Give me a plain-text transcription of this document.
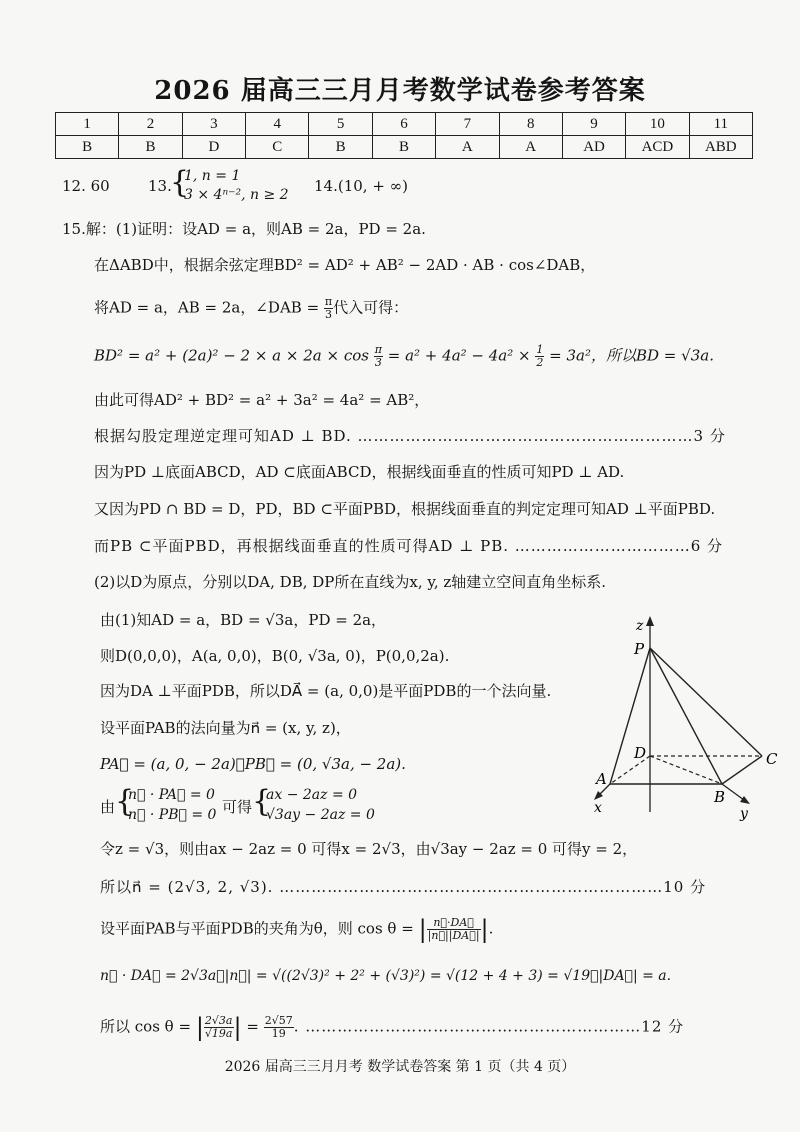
2026 届高三三月月考数学试卷参考答案
1	2	3	4	5	6	7	8	9	10	11
B	B	D	C	B	B	A	A	AD	ACD	ABD
12. 60	13.
{
1, n = 1
3 × 4ⁿ⁻², n ≥ 2 14.(10, + ∞)
15.解：(1)证明：设AD = a，则AB = 2a，PD = 2a.
在ΔABD中，根据余弦定理BD² = AD² + AB² − 2AD · AB · cos∠DAB，
将AD = a，AB = 2a，∠DAB = $\frac{\pi}{3}$ 代入可得：
$BD^2 = a^2 + (2a)^2 - 2 \times a \times 2a \times \cos \frac{\pi}{3} = a^2 + 4a^2 - 4a^2 \times \frac{1}{2} = 3a^2$，所以BD = √3a.
由此可得AD² + BD² = a² + 3a² = 4a² = AB²，
根据勾股定理逆定理可知AD ⊥ BD. ………………………………………………………3 分
因为PD ⊥底面ABCD，AD ⊂底面ABCD，根据线面垂直的性质可知PD ⊥ AD.
又因为PD ∩ BD = D，PD，BD ⊂平面PBD，根据线面垂直的判定定理可知AD ⊥平面PBD.
而PB ⊂平面PBD，再根据线面垂直的性质可得AD ⊥ PB. ……………………………6 分
(2)以D为原点，分别以DA, DB, DP所在直线为x, y, z轴建立空间直角坐标系.
由(1)知AD = a，BD = √3a，PD = 2a，
则D(0,0,0)，A(a, 0,0)，B(0, √3a, 0)，P(0,0,2a).
因为DA ⊥平面PDB，所以DA⃗ = (a, 0,0)是平面PDB的一个法向量.
设平面PAB的法向量为n⃗ = (x, y, z)，
PA⃗ = (a, 0, − 2a)，PB⃗ = (0, √3a, − 2a).
由 {
n⃗ · PA⃗ = 0
n⃗ · PB⃗ = 0 可得 {
ax − 2az = 0
√3ay − 2az = 0
令z = √3，则由ax − 2az = 0 可得x = 2√3，由√3ay − 2az = 0 可得y = 2，
所以n⃗ = (2√3, 2, √3). ………………………………………………………………10 分
设平面PAB与平面PDB的夹角为θ，则 cos θ = | $\frac{n⃗\cdot DA⃗}{|n⃗||DA⃗|}$ |.
n⃗ · DA⃗ = 2√3a，|n⃗| = √((2√3)² + 2² + (√3)²) = √(12 + 4 + 3) = √19，|DA⃗| = a.
所以 cos θ = | $\frac{2√3a}{√19a}$ | = $\frac{2√57}{19}$ . ………………………………………………………12 分
z
P
D	C
A
B
x	y
2026 届高三三月月考 数学试卷答案 第 1 页（共 4 页）
